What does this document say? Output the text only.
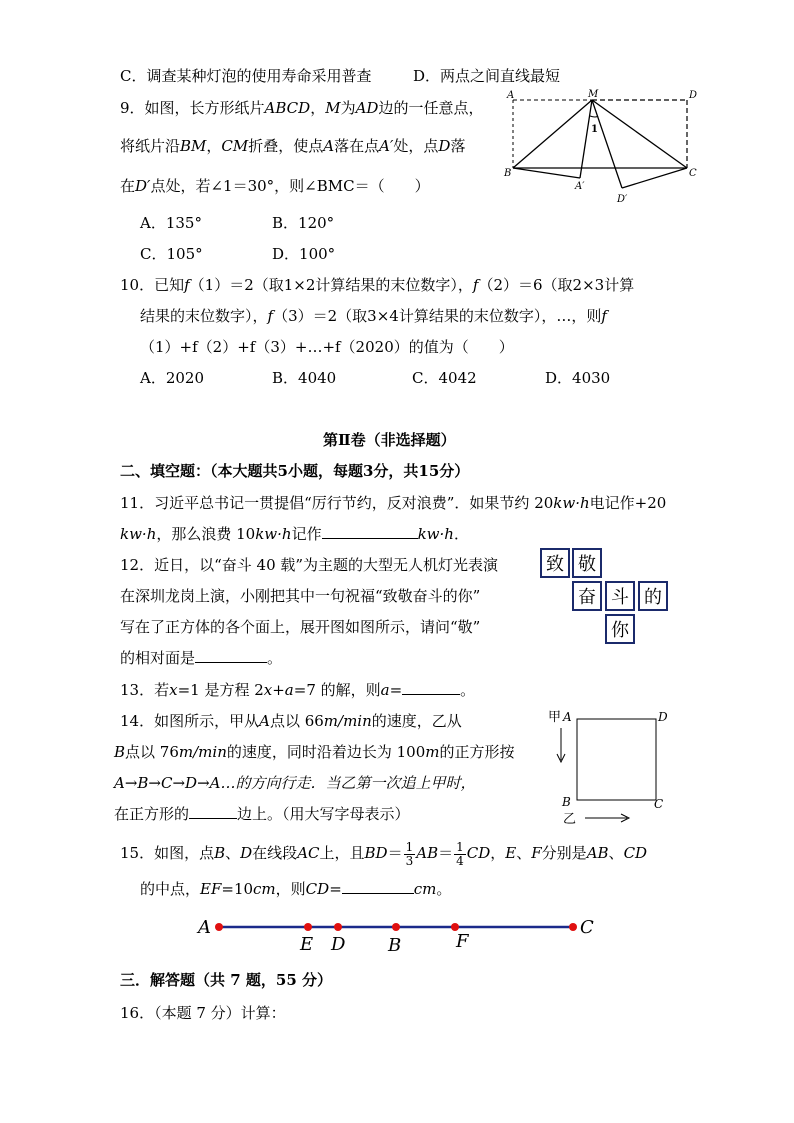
C．调查某种灯泡的使用寿命采用普查	D．两点之间直线最短
9．如图，长方形纸片ABCD，M为AD边的一任意点，
将纸片沿BM，CM折叠，使点A落在点A′处，点D落
在D′点处，若∠1＝30°，则∠BMC＝（　　）
A．135°	B．120°
C．105°	D．100°
A	M	D
B	C
A′
D′
1
10．已知f（1）＝2（取1×2计算结果的末位数字），f（2）＝6（取2×3计算
结果的末位数字），f（3）＝2（取3×4计算结果的末位数字），…，则f
（1）+f（2）+f（3）+…+f（2020）的值为（　　）
A．2020	B．4040	C．4042	D．4030
第Ⅱ卷（非选择题）
二、填空题：（本大题共5小题，每题3分，共15分）
11．习近平总书记一贯提倡“厉行节约，反对浪费”．如果节约 20kw·h电记作+20
kw·h，那么浪费 10kw·h记作	kw·h．
12．近日，以“奋斗 40 载”为主题的大型无人机灯光表演
在深圳龙岗上演，小刚把其中一句祝福“致敬奋斗的你”
写在了正方体的各个面上，展开图如图所示，请问“敬”
的相对面是	。
致 敬
奋 斗 的
你
13．若x=1 是方程 2x+a=7 的解，则a=	。
14．如图所示，甲从A点以 66m/min的速度，乙从
B点以 76m/min的速度，同时沿着边长为 100m的正方形按
A→B→C→D→A…的方向行走．当乙第一次追上甲时，
在正方形的	边上。（用大写字母表示）
甲 A	D
B	C
乙
15．如图，点B、D在线段AC上，且$BD= \frac{1}{3} AB= \frac{1}{4}$ CD，E、F分别是AB、CD
的中点，EF=10cm，则CD=	cm。
A
E D B	F
C
三．解答题（共 7 题，55 分）
16．（本题 7 分）计算：
